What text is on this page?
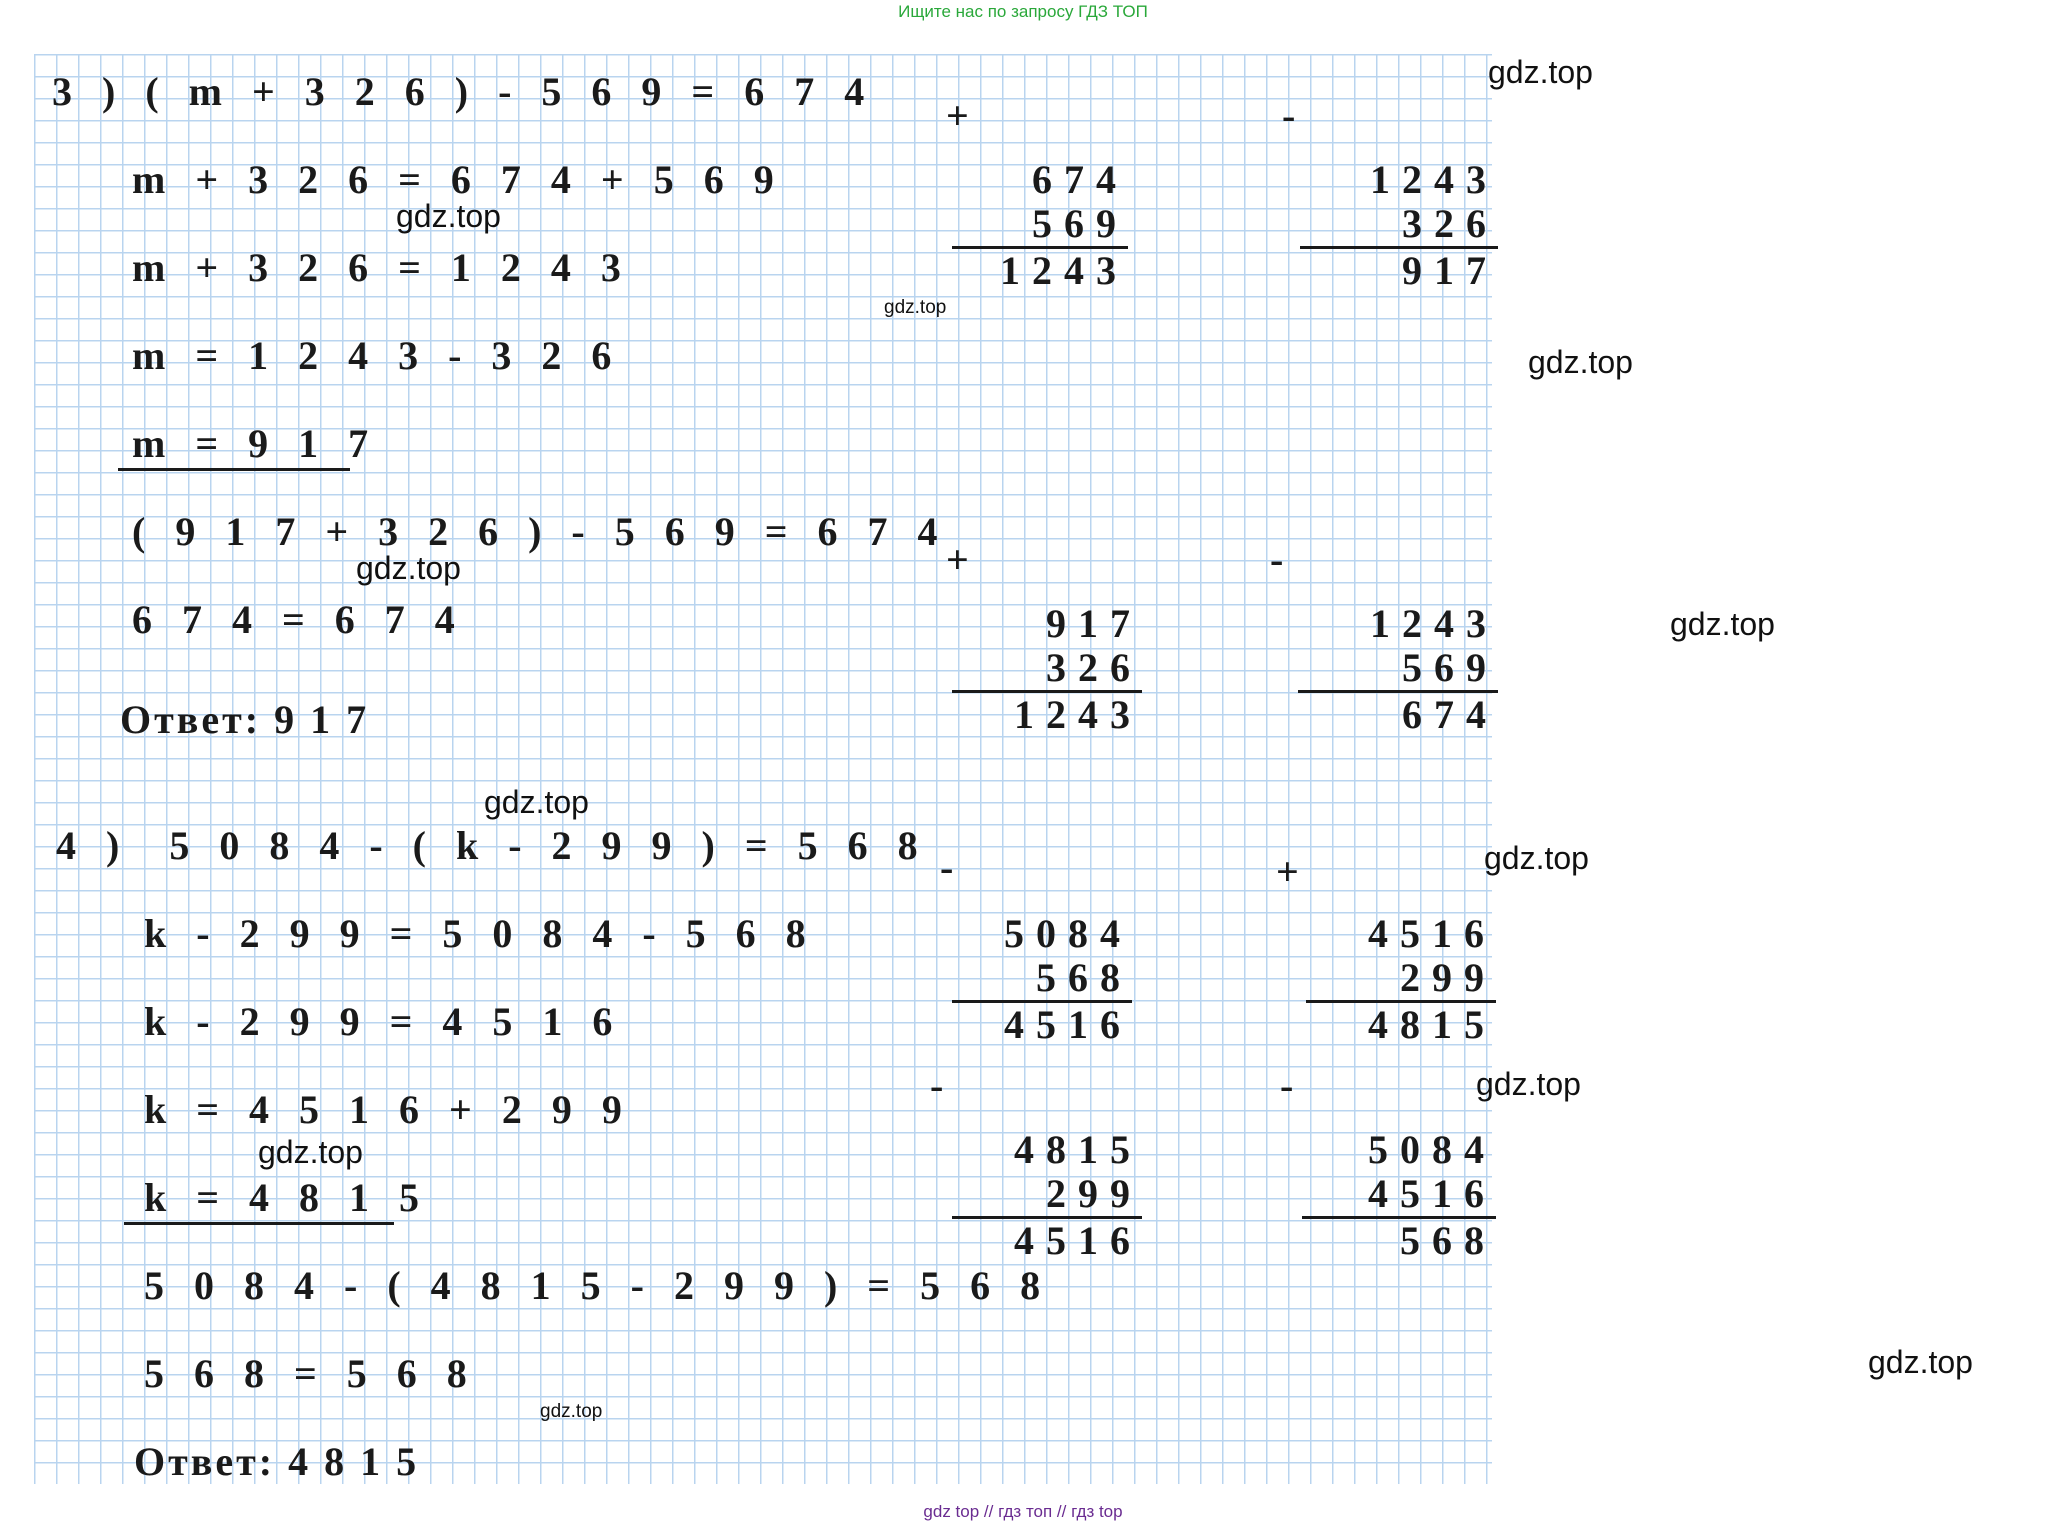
Ищите нас по запросу ГДЗ ТОП
3 ) ( m + 3 2 6 ) - 5 6 9 = 6 7 4
m + 3 2 6 = 6 7 4 + 5 6 9
m + 3 2 6 = 1 2 4 3
m = 1 2 4 3 - 3 2 6
m = 9 1 7
( 9 1 7 + 3 2 6 ) - 5 6 9 = 6 7 4
6 7 4 = 6 7 4
Ответ: 9 1 7
+

674
569
1243

-

1243
326
917

+

917
326
1243

-

1243
569
674

4 )  5 0 8 4 - ( k - 2 9 9 ) = 5 6 8
k - 2 9 9 = 5 0 8 4 - 5 6 8
k - 2 9 9 = 4 5 1 6
k = 4 5 1 6 + 2 9 9
k = 4 8 1 5
5 0 8 4 - ( 4 8 1 5 - 2 9 9 ) = 5 6 8
5 6 8 = 5 6 8
Ответ: 4 8 1 5
-

5084
568
4516

+

4516
299
4815

-

4815
299
4516

-

5084
4516
568

gdz.top
gdz.top
gdz.top
gdz.top
gdz.top
gdz.top
gdz.top
gdz.top
gdz.top
gdz.top
gdz.top
gdz.top
gdz top // гдз топ // гдз top
